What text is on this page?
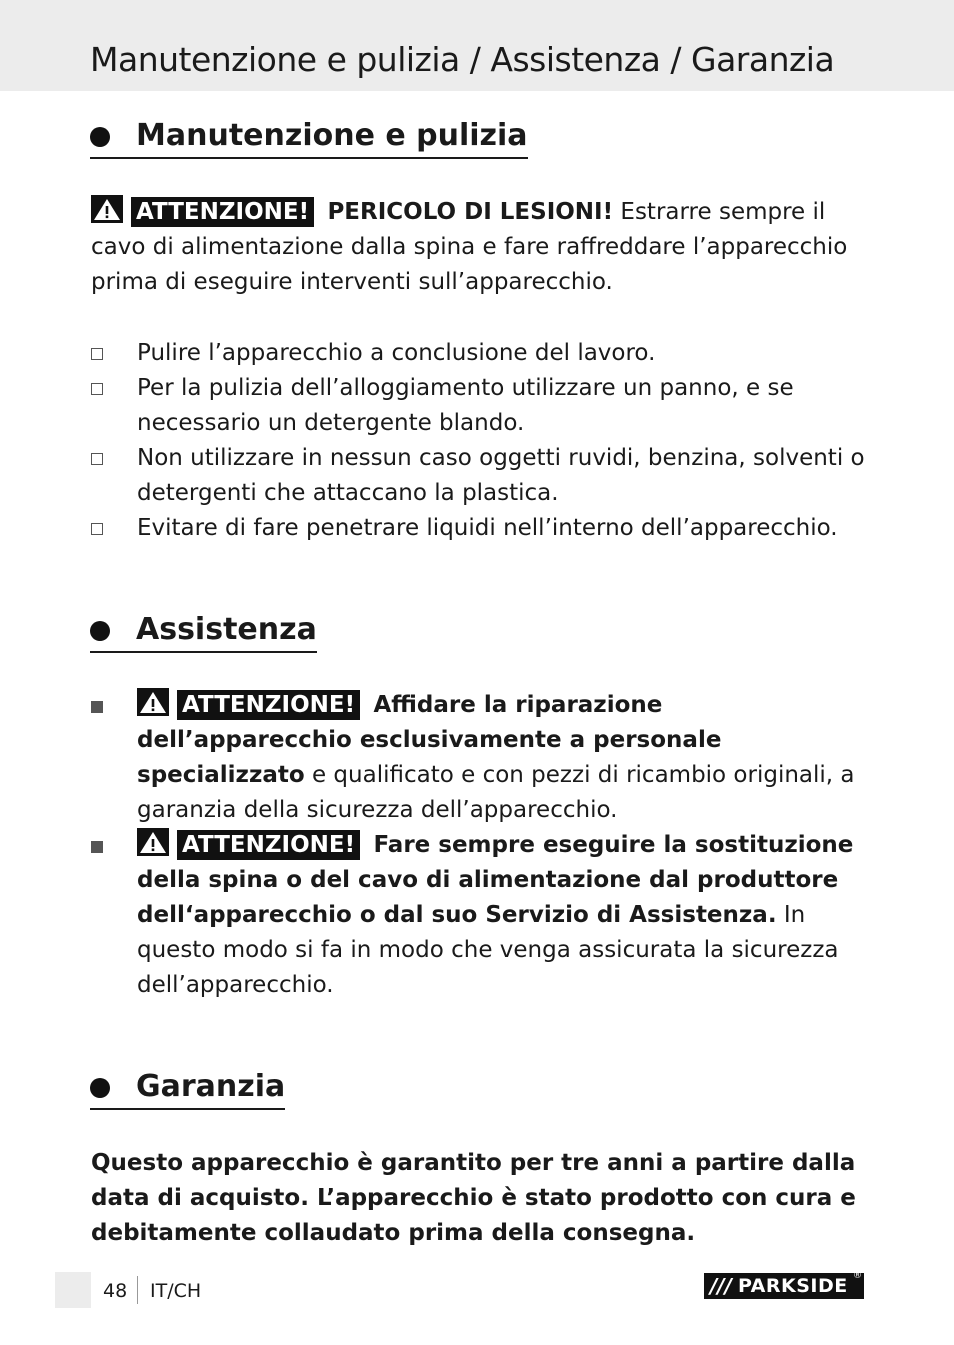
Manutenzione e pulizia / Assistenza / Garanzia
Manutenzione e pulizia
ATTENZIONE! PERICOLO DI LESIONI! Estrarre sempre il cavo di alimentazione dalla spina e fare raffreddare l’apparecchio prima di eseguire interventi sull’apparecchio.
Pulire l’apparecchio a conclusione del lavoro.
Per la pulizia dell’alloggiamento utilizzare un panno, e se necessario un detergente blando.
Non utilizzare in nessun caso oggetti ruvidi, benzina, solventi o detergenti che attaccano la plastica.
Evitare di fare penetrare liquidi nell’interno dell’apparecchio.
Assistenza
ATTENZIONE! Affidare la riparazione dell’apparecchio esclusivamente a personale specializzato e qualificato e con pezzi di ricambio originali, a garanzia della sicurezza dell’apparecchio.
ATTENZIONE! Fare sempre eseguire la sostituzione della spina o del cavo di alimentazione dal produttore dell‘apparecchio o dal suo Servizio di Assistenza. In questo modo si fa in modo che venga assicurata la sicurezza dell’apparecchio.
Garanzia
Questo apparecchio è garantito per tre anni a partire dalla data di acquisto. L’apparecchio è stato prodotto con cura e debitamente collaudato prima della consegna.
48 IT/CH	/// PARKSIDE ®
